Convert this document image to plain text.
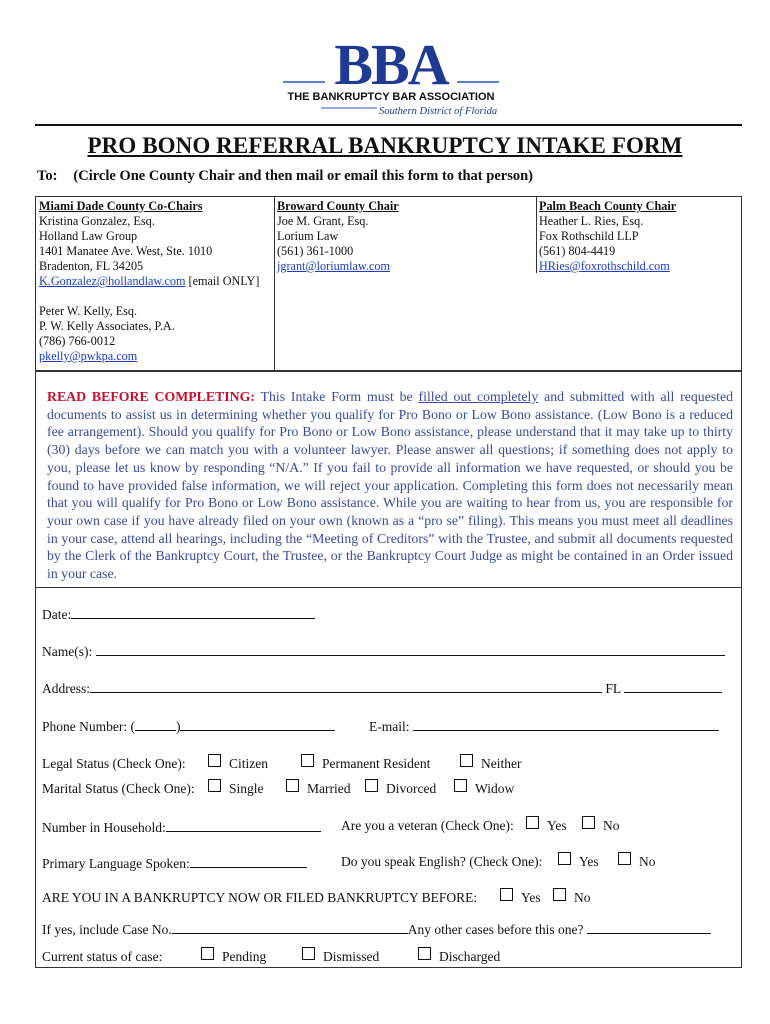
BBA
THE BANKRUPTCY BAR ASSOCIATION
Southern District of Florida
PRO BONO REFERRAL BANKRUPTCY INTAKE FORM
To: (Circle One County Chair and then mail or email this form to that person)
Miami Dade County Co-Chairs
Kristina Gonzalez, Esq.
Holland Law Group
1401 Manatee Ave. West, Ste. 1010
Bradenton, FL 34205
K.Gonzalez@hollandlaw.com [email ONLY]
Peter W. Kelly, Esq.
P. W. Kelly Associates, P.A.
(786) 766-0012
pkelly@pwkpa.com
Broward County Chair
Joe M. Grant, Esq.
Lorium Law
(561) 361-1000
jgrant@loriumlaw.com
Palm Beach County Chair
Heather L. Ries, Esq.
Fox Rothschild LLP
(561) 804-4419
HRies@foxrothschild.com
READ BEFORE COMPLETING: This Intake Form must be filled out completely and submitted with all requested documents to assist us in determining whether you qualify for Pro Bono or Low Bono assistance. (Low Bono is a reduced fee arrangement). Should you qualify for Pro Bono or Low Bono assistance, please understand that it may take up to thirty (30) days before we can match you with a volunteer lawyer. Please answer all questions; if something does not apply to you, please let us know by responding “N/A.” If you fail to provide all information we have requested, or should you be found to have provided false information, we will reject your application. Completing this form does not necessarily mean that you will qualify for Pro Bono or Low Bono assistance. While you are waiting to hear from us, you are responsible for your own case if you have already filed on your own (known as a “pro se” filing). This means you must meet all deadlines in your case, attend all hearings, including the “Meeting of Creditors” with the Trustee, and submit all documents requested by the Clerk of the Bankruptcy Court, the Trustee, or the Bankruptcy Court Judge as might be contained in an Order issued in your case.
Date:
Name(s):
Address:	FL
Phone Number: (	)	E-mail:
Legal Status (Check One):	Citizen	Permanent Resident	Neither
Marital Status (Check One):	Single	Married	Divorced	Widow
Number in Household:	Are you a veteran (Check One):	Yes	No
Primary Language Spoken:	Do you speak English? (Check One):	Yes	No
ARE YOU IN A BANKRUPTCY NOW OR FILED BANKRUPTCY BEFORE:	Yes	No
If yes, include Case No.	Any other cases before this one?
Current status of case:	Pending	Dismissed	Discharged
